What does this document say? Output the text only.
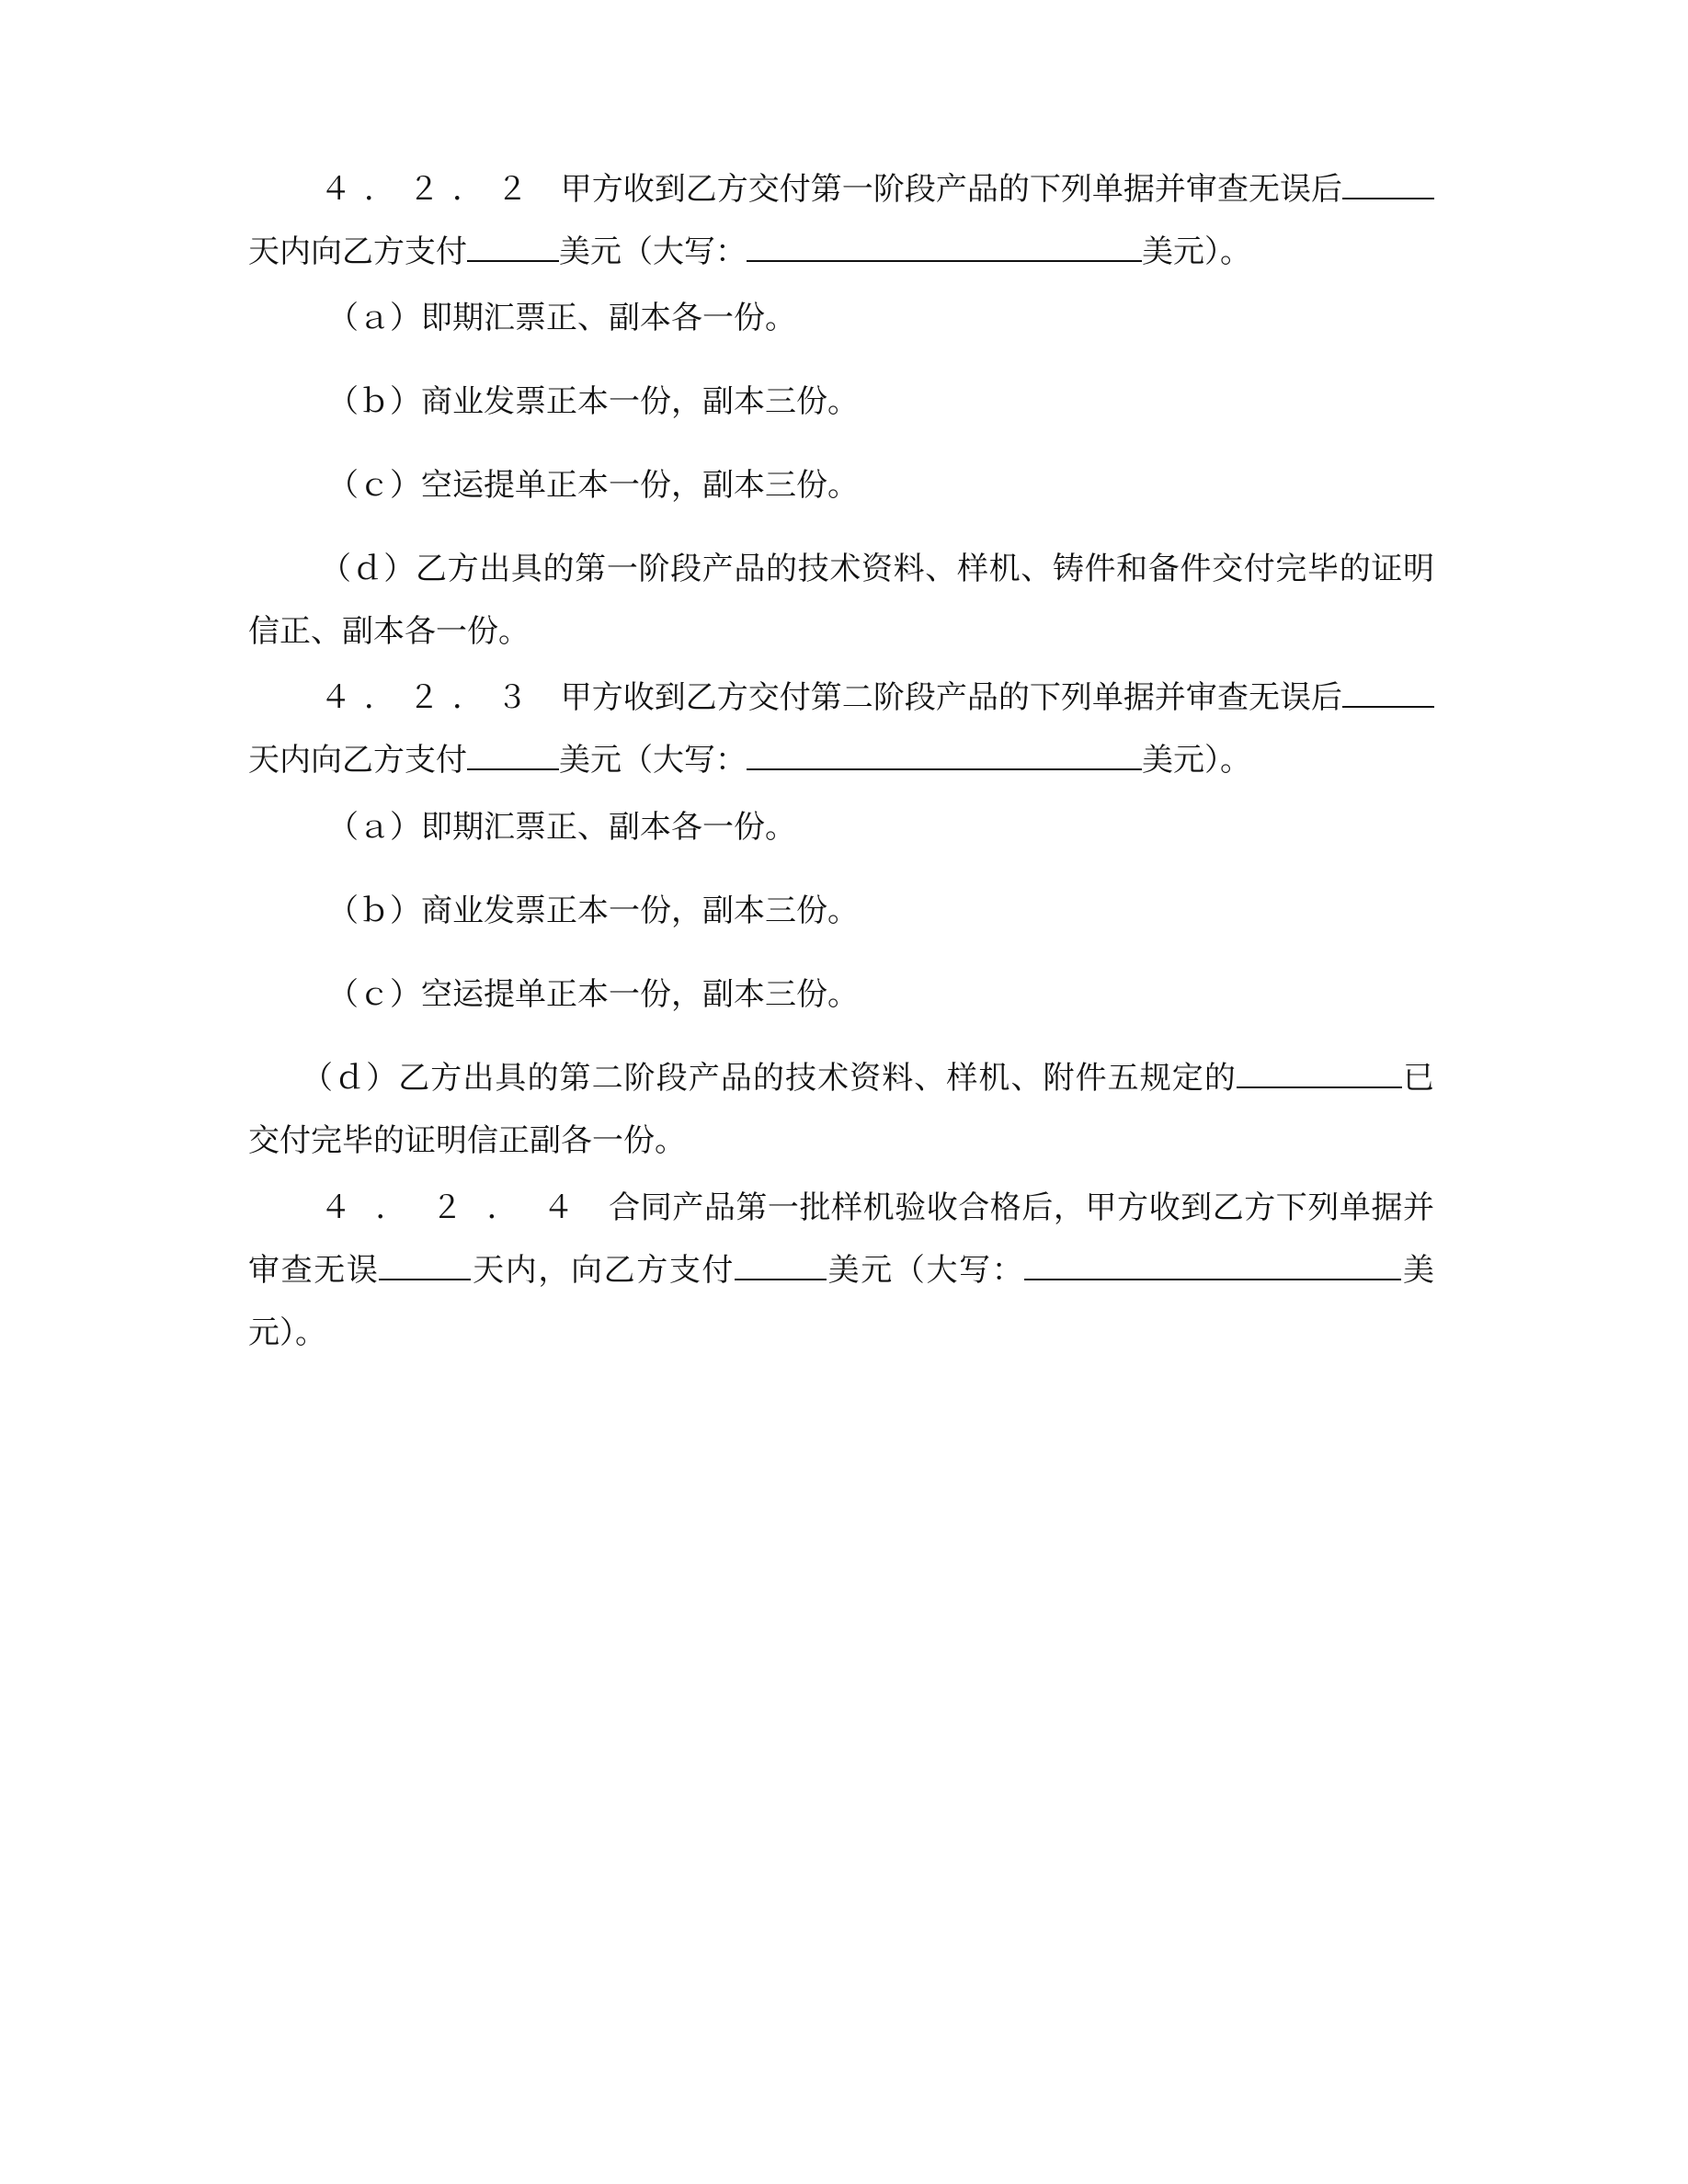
４．２．２ 甲方收到乙方交付第一阶段产品的下列单据并审查无误后天内向乙方支付	美元（大写：	美元）。

（ａ）即期汇票正、副本各一份。

（ｂ）商业发票正本一份，副本三份。

（ｃ）空运提单正本一份，副本三份。

（ｄ）乙方出具的第一阶段产品的技术资料、样机、铸件和备件交付完毕的证明信正、副本各一份。

４．２．３ 甲方收到乙方交付第二阶段产品的下列单据并审查无误后天内向乙方支付	美元（大写：	美元）。

（ａ）即期汇票正、副本各一份。

（ｂ）商业发票正本一份，副本三份。

（ｃ）空运提单正本一份，副本三份。

（ｄ）乙方出具的第二阶段产品的技术资料、样机、附件五规定的	已交付完毕的证明信正副各一份。

４．２．４ 合同产品第一批样机验收合格后，甲方收到乙方下列单据并审查无误	天内，向乙方支付	美元（大写：	美元）。
